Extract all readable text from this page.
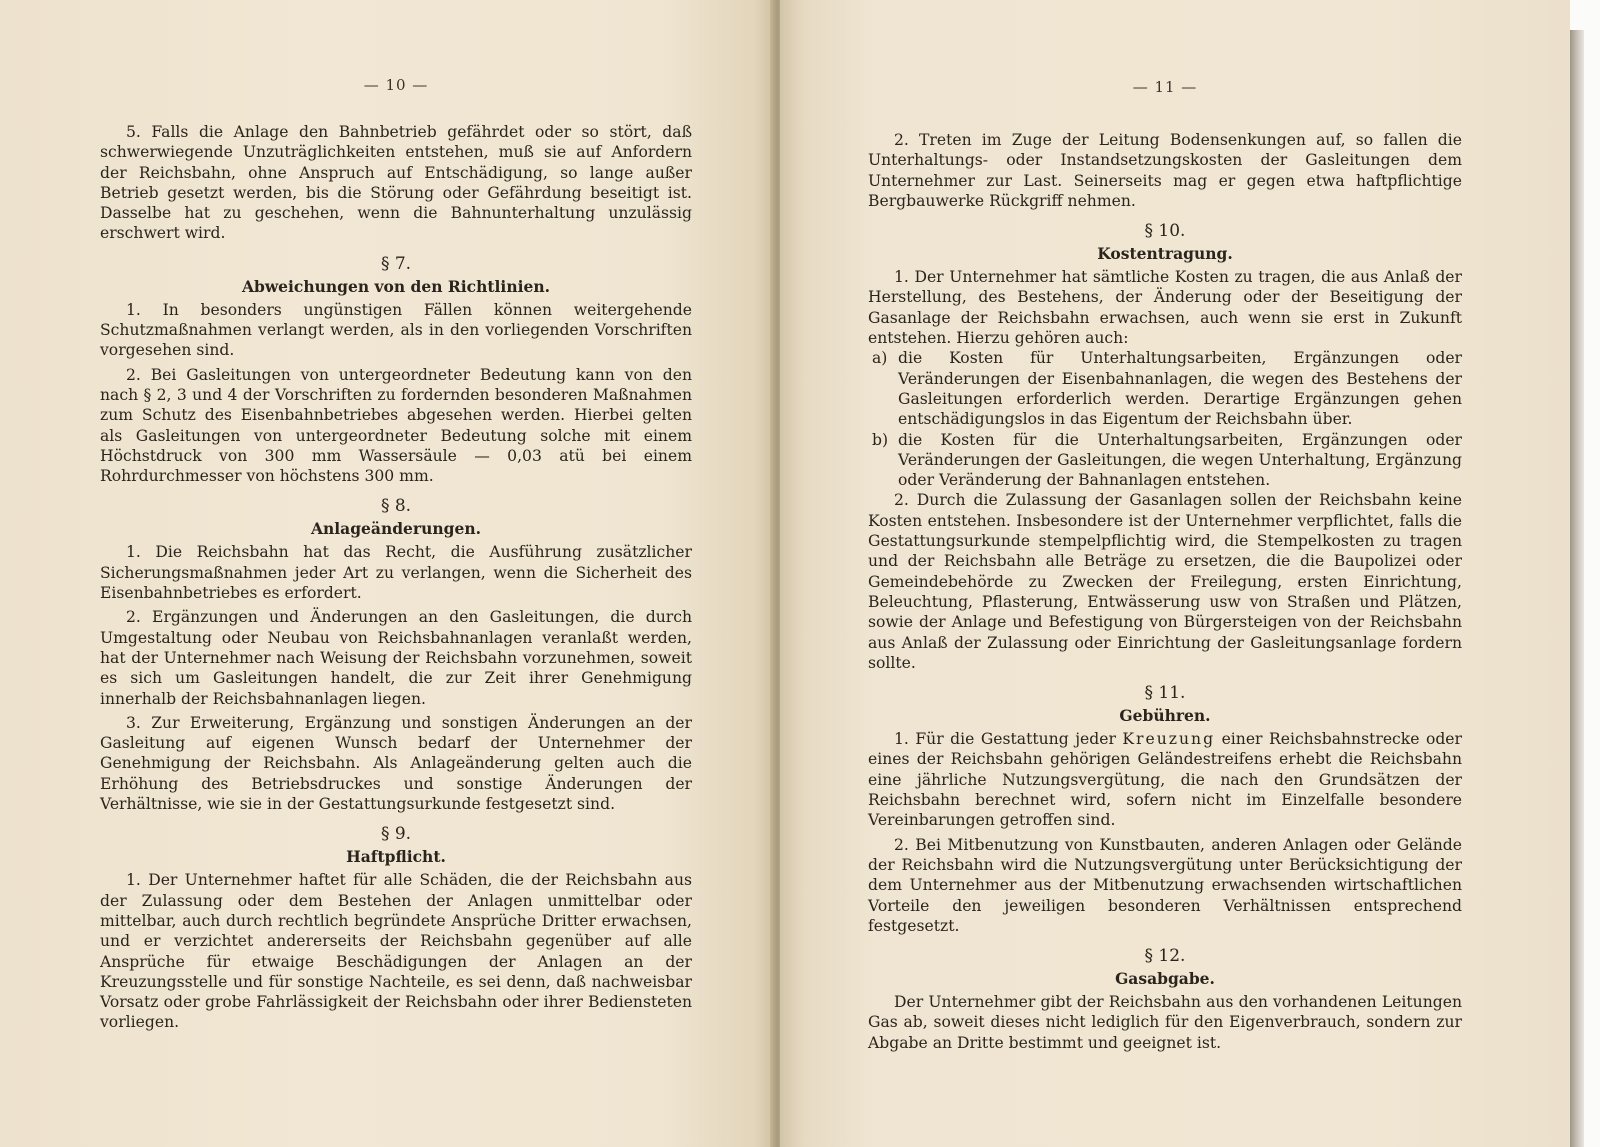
— 10 —

5. Falls die Anlage den Bahnbetrieb gefährdet oder so stört, daß schwerwiegende Unzuträglichkeiten entstehen, muß sie auf Anfordern der Reichsbahn, ohne Anspruch auf Entschädigung, so lange außer Betrieb gesetzt werden, bis die Störung oder Gefährdung beseitigt ist. Dasselbe hat zu geschehen, wenn die Bahnunterhaltung unzulässig erschwert wird.

§ 7.
Abweichungen von den Richtlinien.

1. In besonders ungünstigen Fällen können weitergehende Schutzmaßnahmen verlangt werden, als in den vorliegenden Vorschriften vorgesehen sind.

2. Bei Gasleitungen von untergeordneter Bedeutung kann von den nach § 2, 3 und 4 der Vorschriften zu fordernden besonderen Maßnahmen zum Schutz des Eisenbahnbetriebes abgesehen werden. Hierbei gelten als Gasleitungen von untergeordneter Bedeutung solche mit einem Höchstdruck von 300 mm Wassersäule — 0,03 atü bei einem Rohrdurchmesser von höchstens 300 mm.

§ 8.
Anlageänderungen.

1. Die Reichsbahn hat das Recht, die Ausführung zusätzlicher Sicherungsmaßnahmen jeder Art zu verlangen, wenn die Sicherheit des Eisenbahnbetriebes es erfordert.

2. Ergänzungen und Änderungen an den Gasleitungen, die durch Umgestaltung oder Neubau von Reichsbahnanlagen veranlaßt werden, hat der Unternehmer nach Weisung der Reichsbahn vorzunehmen, soweit es sich um Gasleitungen handelt, die zur Zeit ihrer Genehmigung innerhalb der Reichsbahnanlagen liegen.

3. Zur Erweiterung, Ergänzung und sonstigen Änderungen an der Gasleitung auf eigenen Wunsch bedarf der Unternehmer der Genehmigung der Reichsbahn. Als Anlageänderung gelten auch die Erhöhung des Betriebsdruckes und sonstige Änderungen der Verhältnisse, wie sie in der Gestattungsurkunde festgesetzt sind.

§ 9.
Haftpflicht.

1. Der Unternehmer haftet für alle Schäden, die der Reichsbahn aus der Zulassung oder dem Bestehen der Anlagen unmittelbar oder mittelbar, auch durch rechtlich begründete Ansprüche Dritter erwachsen, und er verzichtet andererseits der Reichsbahn gegenüber auf alle Ansprüche für etwaige Beschädigungen der Anlagen an der Kreuzungsstelle und für sonstige Nachteile, es sei denn, daß nachweisbar Vorsatz oder grobe Fahrlässigkeit der Reichsbahn oder ihrer Bediensteten vorliegen.

— 11 —

2. Treten im Zuge der Leitung Bodensenkungen auf, so fallen die Unterhaltungs- oder Instandsetzungskosten der Gasleitungen dem Unternehmer zur Last. Seinerseits mag er gegen etwa haftpflichtige Bergbauwerke Rückgriff nehmen.

§ 10.
Kostentragung.

1. Der Unternehmer hat sämtliche Kosten zu tragen, die aus Anlaß der Herstellung, des Bestehens, der Änderung oder der Beseitigung der Gasanlage der Reichsbahn erwachsen, auch wenn sie erst in Zukunft entstehen. Hierzu gehören auch:

a) die Kosten für Unterhaltungsarbeiten, Ergänzungen oder Veränderungen der Eisenbahnanlagen, die wegen des Bestehens der Gasleitungen erforderlich werden. Derartige Ergänzungen gehen entschädigungslos in das Eigentum der Reichsbahn über.
b) die Kosten für die Unterhaltungsarbeiten, Ergänzungen oder Veränderungen der Gasleitungen, die wegen Unterhaltung, Ergänzung oder Veränderung der Bahnanlagen entstehen.

2. Durch die Zulassung der Gasanlagen sollen der Reichsbahn keine Kosten entstehen. Insbesondere ist der Unternehmer verpflichtet, falls die Gestattungsurkunde stempelpflichtig wird, die Stempelkosten zu tragen und der Reichsbahn alle Beträge zu ersetzen, die die Baupolizei oder Gemeindebehörde zu Zwecken der Freilegung, ersten Einrichtung, Beleuchtung, Pflasterung, Entwässerung usw von Straßen und Plätzen, sowie der Anlage und Befestigung von Bürgersteigen von der Reichsbahn aus Anlaß der Zulassung oder Einrichtung der Gasleitungsanlage fordern sollte.

§ 11.
Gebühren.

1. Für die Gestattung jeder Kreuzung einer Reichsbahnstrecke oder eines der Reichsbahn gehörigen Geländestreifens erhebt die Reichsbahn eine jährliche Nutzungsvergütung, die nach den Grundsätzen der Reichsbahn berechnet wird, sofern nicht im Einzelfalle besondere Vereinbarungen getroffen sind.

2. Bei Mitbenutzung von Kunstbauten, anderen Anlagen oder Gelände der Reichsbahn wird die Nutzungsvergütung unter Berücksichtigung der dem Unternehmer aus der Mitbenutzung erwachsenden wirtschaftlichen Vorteile den jeweiligen besonderen Verhältnissen entsprechend festgesetzt.

§ 12.
Gasabgabe.

Der Unternehmer gibt der Reichsbahn aus den vorhandenen Leitungen Gas ab, soweit dieses nicht lediglich für den Eigenverbrauch, sondern zur Abgabe an Dritte bestimmt und geeignet ist.
